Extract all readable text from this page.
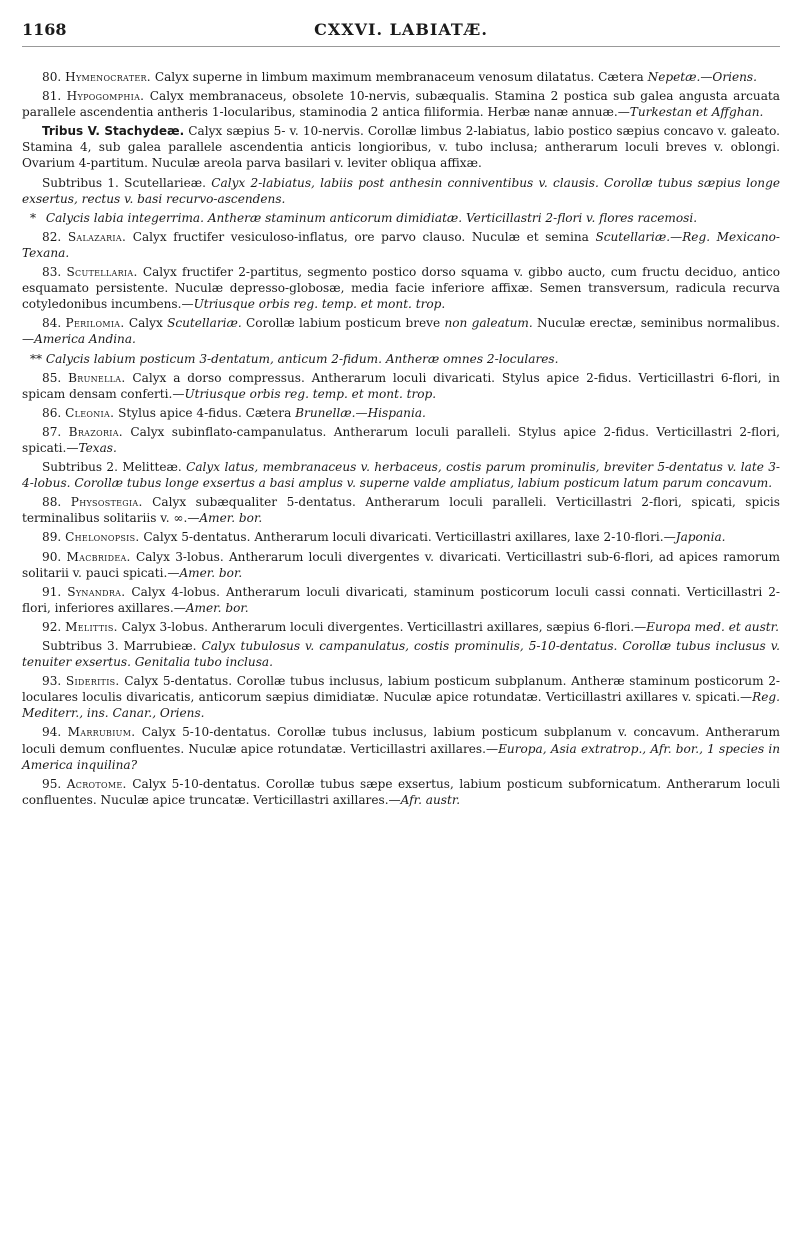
1168	CXXVI. LABIATÆ.

80. Hymenocrater. Calyx superne in limbum maximum membranaceum venosum dilatatus. Cætera Nepetæ.—Oriens.

81. Hypogomphia. Calyx membranaceus, obsolete 10-nervis, subæqualis. Stamina 2 postica sub galea angusta arcuata parallele ascendentia antheris 1-locularibus, staminodia 2 antica filiformia. Herbæ nanæ annuæ.—Turkestan et Affghan.

Tribus V. Stachydeæ. Calyx sæpius 5- v. 10-nervis. Corollæ limbus 2-labiatus, labio postico sæpius concavo v. galeato. Stamina 4, sub galea parallele ascendentia anticis longioribus, v. tubo inclusa; antherarum loculi breves v. oblongi. Ovarium 4-partitum. Nuculæ areola parva basilari v. leviter obliqua affixæ.

Subtribus 1. Scutellarieæ. Calyx 2-labiatus, labiis post anthesin conniventibus v. clausis. Corollæ tubus sæpius longe exsertus, rectus v. basi recurvo-ascendens.

* Calycis labia integerrima. Antheræ staminum anticorum dimidiatæ. Verticillastri 2-flori v. flores racemosi.

82. Salazaria. Calyx fructifer vesiculoso-inflatus, ore parvo clauso. Nuculæ et semina Scutellariæ.—Reg. Mexicano-Texana.

83. Scutellaria. Calyx fructifer 2-partitus, segmento postico dorso squama v. gibbo aucto, cum fructu deciduo, antico esquamato persistente. Nuculæ depresso-globosæ, media facie inferiore affixæ. Semen transversum, radicula recurva cotyledonibus incumbens.—Utriusque orbis reg. temp. et mont. trop.

84. Perilomia. Calyx Scutellariæ. Corollæ labium posticum breve non galeatum. Nuculæ erectæ, seminibus normalibus.—America Andina.

** Calycis labium posticum 3-dentatum, anticum 2-fidum. Antheræ omnes 2-loculares.

85. Brunella. Calyx a dorso compressus. Antherarum loculi divaricati. Stylus apice 2-fidus. Verticillastri 6-flori, in spicam densam conferti.—Utriusque orbis reg. temp. et mont. trop.

86. Cleonia. Stylus apice 4-fidus. Cætera Brunellæ.—Hispania.

87. Brazoria. Calyx subinflato-campanulatus. Antherarum loculi paralleli. Stylus apice 2-fidus. Verticillastri 2-flori, spicati.—Texas.

Subtribus 2. Melitteæ. Calyx latus, membranaceus v. herbaceus, costis parum prominulis, breviter 5-dentatus v. late 3-4-lobus. Corollæ tubus longe exsertus a basi amplus v. superne valde ampliatus, labium posticum latum parum concavum.

88. Physostegia. Calyx subæqualiter 5-dentatus. Antherarum loculi paralleli. Verticillastri 2-flori, spicati, spicis terminalibus solitariis v. ∞.—Amer. bor.

89. Chelonopsis. Calyx 5-dentatus. Antherarum loculi divaricati. Verticillastri axillares, laxe 2-10-flori.—Japonia.

90. Macbridea. Calyx 3-lobus. Antherarum loculi divergentes v. divaricati. Verticillastri sub-6-flori, ad apices ramorum solitarii v. pauci spicati.—Amer. bor.

91. Synandra. Calyx 4-lobus. Antherarum loculi divaricati, staminum posticorum loculi cassi connati. Verticillastri 2-flori, inferiores axillares.—Amer. bor.

92. Melittis. Calyx 3-lobus. Antherarum loculi divergentes. Verticillastri axillares, sæpius 6-flori.—Europa med. et austr.

Subtribus 3. Marrubieæ. Calyx tubulosus v. campanulatus, costis prominulis, 5-10-dentatus. Corollæ tubus inclusus v. tenuiter exsertus. Genitalia tubo inclusa.

93. Sideritis. Calyx 5-dentatus. Corollæ tubus inclusus, labium posticum subplanum. Antheræ staminum posticorum 2-loculares loculis divaricatis, anticorum sæpius dimidiatæ. Nuculæ apice rotundatæ. Verticillastri axillares v. spicati.—Reg. Mediterr., ins. Canar., Oriens.

94. Marrubium. Calyx 5-10-dentatus. Corollæ tubus inclusus, labium posticum subplanum v. concavum. Antherarum loculi demum confluentes. Nuculæ apice rotundatæ. Verticillastri axillares.—Europa, Asia extratrop., Afr. bor., 1 species in America inquilina?

95. Acrotome. Calyx 5-10-dentatus. Corollæ tubus sæpe exsertus, labium posticum subfornicatum. Antherarum loculi confluentes. Nuculæ apice truncatæ. Verticillastri axillares.—Afr. austr.
